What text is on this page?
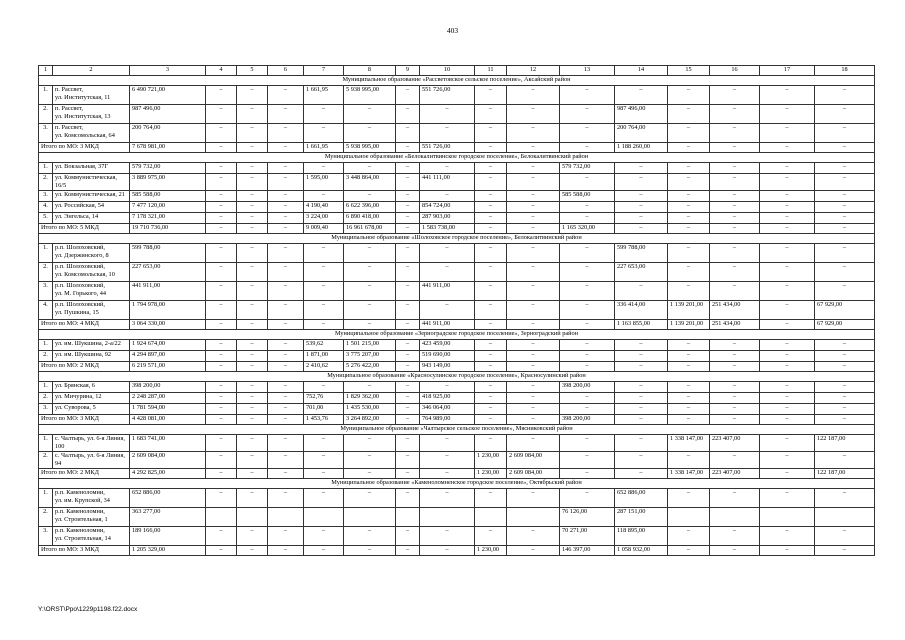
403
1	2	3	4	5	6	7	8	9	10	11	12	13	14	15	16	17	18
Муниципальное образование «Рассветовское сельское поселение», Аксайский район																	
1.	п. Рассвет,
ул. Институтская, 11	6 490 721,00	–	–	–	1 661,95	5 938 995,00	–	551 726,00	–	–	–	–	–	–	–	–
2.	п. Рассвет,
ул. Институтская, 13	987 496,00	–	–	–	–	–	–	–	–	–	–	987 496,00	–	–	–	–
3.	п. Рассвет,
ул. Комсомольская, 64	200 764,00	–	–	–	–	–	–	–	–	–	–	200 764,00	–	–	–	–
Итого по МО: 3 МКД		7 678 981,00	–	–	–	1 661,95	5 938 995,00	–	551 726,00	–	–	–	1 188 260,00	–	–	–	–
Муниципальное образование «Белокалитвинское городское поселение», Белокалитвинский район																	
1.	ул. Вокзальная, 37Г	579 732,00	–	–	–	–	–	–	–	–	–	579 732,00	–	–	–	–	–
2.	ул. Коммунистическая, 16/5	3 889 975,00	–	–	–	1 595,00	3 448 864,00	–	441 111,00	–	–	–	–	–	–	–	–
3.	ул. Коммунистическая, 21	585 588,00	–	–	–	–	–	–	–	–	–	585 588,00	–	–	–	–	–
4.	ул. Российская, 54	7 477 120,00	–	–	–	4 190,40	6 622 396,00	–	854 724,00	–	–	–	–	–	–	–	–
5.	ул. Энгельса, 14	7 178 321,00	–	–	–	3 224,00	6 890 418,00	–	287 903,00	–	–	–	–	–	–	–	–
Итого по МО: 5 МКД		19 710 736,00	–	–	–	9 009,40	16 961 678,00	–	1 583 738,00	–	–	1 165 320,00	–	–	–	–	–
Муниципальное образование «Шолоховское городское поселение», Белокалитвинский район																	
1.	р.п. Шолоховский,
ул. Дзержинского, 8	599 788,00	–	–	–	–	–	–	–	–	–	–	599 788,00	–	–	–	–
2.	р.п. Шолоховский,
ул. Комсомольская, 10	227 653,00	–	–	–	–	–	–	–	–	–	–	227 653,00	–	–	–	–
3.	р.п. Шолоховский,
ул. М. Горького, 44	441 911,00	–	–	–	–	–	–	441 911,00	–	–	–	–	–	–	–	–
4.	р.п. Шолоховский,
ул. Пушкина, 15	1 794 978,00	–	–	–	–	–	–	–	–	–	–	336 414,00	1 139 201,00	251 434,00	–	67 929,00
Итого по МО: 4 МКД		3 064 330,00	–	–	–	–	–	–	441 911,00	–	–	–	1 163 855,00	1 139 201,00	251 434,00	–	67 929,00
Муниципальное образование «Зерноградское городское поселение», Зерноградский район																	
1.	ул. им. Шукшина, 2-а/22	1 924 674,00	–	–	–	539,62	1 501 215,00	–	423 459,00	–	–	–	–	–	–	–	–
2.	ул. им. Шукшина, 92	4 294 897,00	–	–	–	1 871,00	3 775 207,00	–	519 690,00	–	–	–	–	–	–	–	–
Итого по МО: 2 МКД		6 219 571,00	–	–	–	2 410,62	5 276 422,00	–	943 149,00	–	–	–	–	–	–	–	–
Муниципальное образование «Красносулинское городское поселение», Красносулинский район																	
1.	ул. Брянская, 6	398 200,00	–	–	–	–	–	–	–	–	–	398 200,00	–	–	–	–	–
2.	ул. Мичурина, 12	2 248 287,00	–	–	–	752,76	1 829 362,00	–	418 925,00	–	–	–	–	–	–	–	–
3.	ул. Суворова, 5	1 781 594,00	–	–	–	701,00	1 435 530,00	–	346 064,00	–	–	–	–	–	–	–	–
Итого по МО: 3 МКД		4 428 081,00	–	–	–	1 453,76	3 264 892,00	–	764 989,00	–	–	398 200,00	–	–	–	–	–
Муниципальное образование «Чалтырское сельское поселение», Мясниковский район																	
1.	с. Чалтырь, ул. 6-я Линия, 100	1 683 741,00	–	–	–	–	–	–	–	–	–	–	–	1 338 147,00	223 407,00	–	122 187,00
2.	с. Чалтырь, ул. 6-я Линия, 94	2 609 084,00	–	–	–	–	–	–	–	1 230,00	2 609 084,00	–	–	–	–	–	–
Итого по МО: 2 МКД		4 292 825,00	–	–	–	–	–	–	–	1 230,00	2 609 084,00	–	–	1 338 147,00	223 407,00	–	122 187,00
Муниципальное образование «Каменоломненское городское поселение», Октябрьский район																	
1.	р.п. Каменоломни,
ул. им. Крупской, 34	652 886,00	–	–	–	–	–	–	–	–	–	–	652 886,00	–	–	–	–
2.	р.п. Каменоломни,
ул. Строительная, 1	363 277,00										76 126,00	287 151,00				
3.	р.п. Каменоломни,
ул. Строительная, 14	189 166,00	–	–	–	–	–	–	–	–	–	70 271,00	118 895,00	–	–	–	–
Итого по МО: 3 МКД		1 205 329,00	–	–	–	–	–	–	–	1 230,00	–	146 397,00	1 058 932,00	–	–	–	–
Y:\ORST\Ppo\1229p1198.f22.docx
